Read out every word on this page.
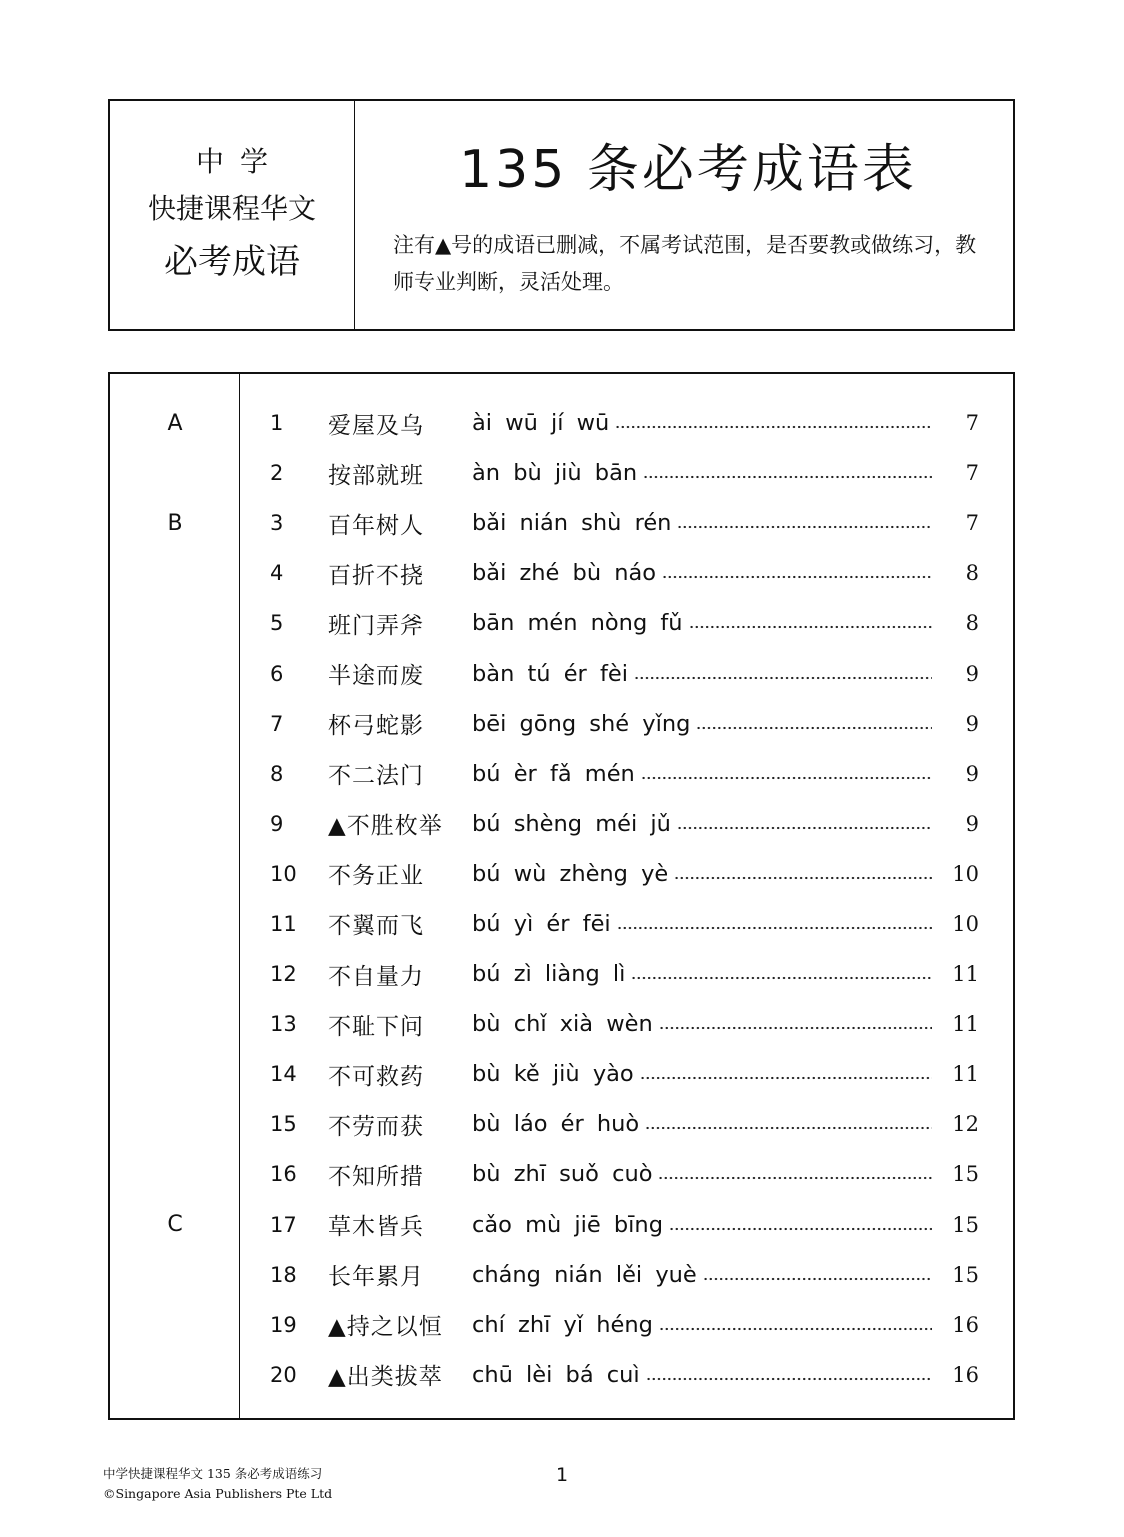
中学
快捷课程华文
必考成语
135 条必考成语表
注有▲号的成语已删减，不属考试范围，是否要教或做练习，教师专业判断，灵活处理。
A	1 爱屋及乌 ài wū jí wū	7
2 按部就班 àn bù jiù bān	7
B	3 百年树人 bǎi nián shù rén	7
4 百折不挠 bǎi zhé bù náo	8
5 班门弄斧 bān mén nòng fǔ	8
6 半途而废 bàn tú ér fèi	9
7 杯弓蛇影 bēi gōng shé yǐng	9
8 不二法门 bú èr fǎ mén	9
9 ▲不胜枚举 bú shèng méi jǔ	9
10 不务正业 bú wù zhèng yè	10
11 不翼而飞 bú yì ér fēi	10
12 不自量力 bú zì liàng lì	11
13 不耻下问 bù chǐ xià wèn	11
14 不可救药 bù kě jiù yào	11
15 不劳而获 bù láo ér huò	12
16 不知所措 bù zhī suǒ cuò	15
C	17 草木皆兵 cǎo mù jiē bīng	15
18 长年累月 cháng nián lěi yuè	15
19 ▲持之以恒 chí zhī yǐ héng	16
20 ▲出类拔萃 chū lèi bá cuì	16
中学快捷课程华文 135 条必考成语练习
©Singapore Asia Publishers Pte Ltd
1
